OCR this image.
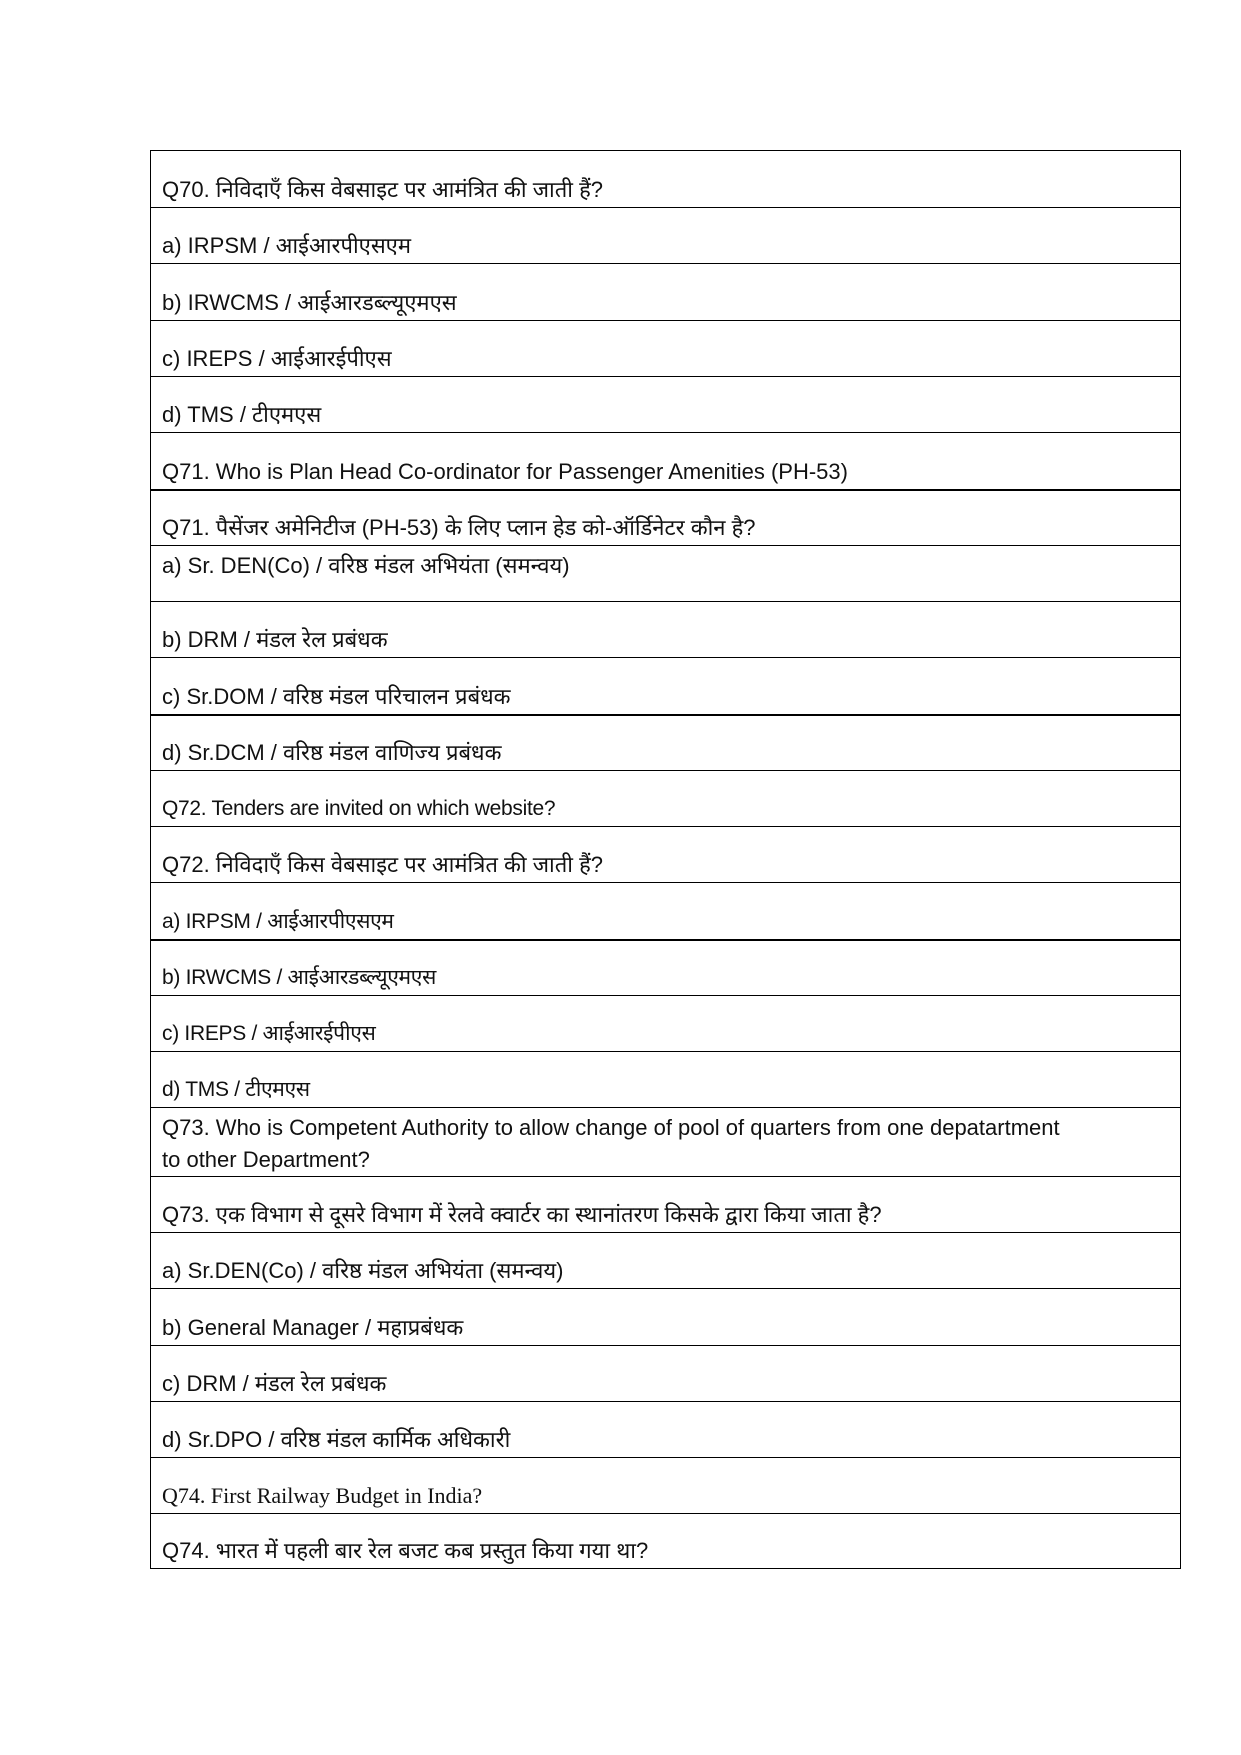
Q70. निविदाएँ किस वेबसाइट पर आमंत्रित की जाती हैं?
a) IRPSM / आईआरपीएसएम
b) IRWCMS / आईआरडब्ल्यूएमएस
c) IREPS / आईआरईपीएस
d) TMS / टीएमएस
Q71. Who is Plan Head Co-ordinator for Passenger Amenities (PH-53)
Q71. पैसेंजर अमेनिटीज (PH-53) के लिए प्लान हेड को-ऑर्डिनेटर कौन है?
a) Sr. DEN(Co) / वरिष्ठ मंडल अभियंता (समन्वय)
b) DRM / मंडल रेल प्रबंधक
c) Sr.DOM / वरिष्ठ मंडल परिचालन प्रबंधक
d) Sr.DCM / वरिष्ठ मंडल वाणिज्य प्रबंधक
Q72. Tenders are invited on which website?
Q72. निविदाएँ किस वेबसाइट पर आमंत्रित की जाती हैं?
a) IRPSM / आईआरपीएसएम
b) IRWCMS / आईआरडब्ल्यूएमएस
c) IREPS / आईआरईपीएस
d) TMS / टीएमएस
Q73. Who is Competent Authority to allow change of pool of quarters from one depatartment to other Department?
Q73. एक विभाग से दूसरे विभाग में रेलवे क्वार्टर का स्थानांतरण किसके द्वारा किया जाता है?
a) Sr.DEN(Co) / वरिष्ठ मंडल अभियंता (समन्वय)
b) General Manager / महाप्रबंधक
c) DRM / मंडल रेल प्रबंधक
d) Sr.DPO / वरिष्ठ मंडल कार्मिक अधिकारी
Q74. First Railway Budget in India?
Q74. भारत में पहली बार रेल बजट कब प्रस्तुत किया गया था?
